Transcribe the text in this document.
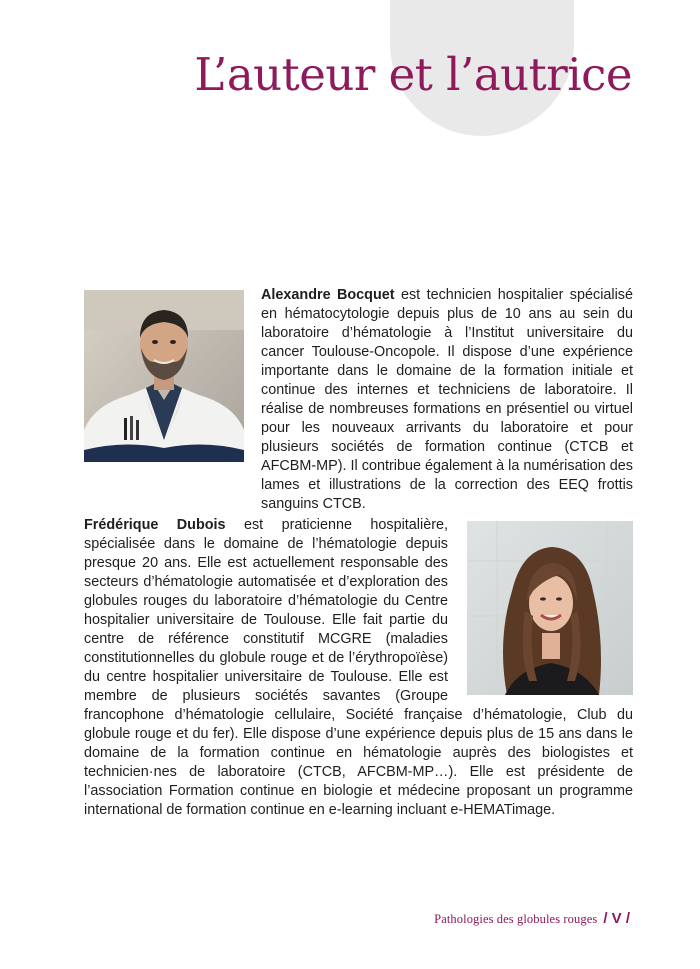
L’auteur et l’autrice

Alexandre Bocquet est technicien hospitalier spécialisé en hématocytologie depuis plus de 10 ans au sein du laboratoire d’hématologie à l’Institut universitaire du cancer Toulouse-Oncopole. Il dispose d’une expérience importante dans le domaine de la formation initiale et continue des internes et techniciens de laboratoire. Il réalise de nombreuses formations en présentiel ou virtuel pour les nouveaux arrivants du laboratoire et pour plusieurs sociétés de formation continue (CTCB et AFCBM-MP). Il contribue également à la numérisation des lames et illustrations de la correction des EEQ frottis sanguins CTCB.

Frédérique Dubois est praticienne hospitalière, spécialisée dans le domaine de l’hématologie depuis presque 20 ans. Elle est actuellement responsable des secteurs d’hématologie automatisée et d’exploration des globules rouges du laboratoire d’hématologie du Centre hospitalier universitaire de Toulouse. Elle fait partie du centre de référence constitutif MCGRE (maladies constitutionnelles du globule rouge et de l’érythropoïèse) du centre hospitalier universitaire de Toulouse. Elle est membre de plusieurs sociétés savantes (Groupe francophone d’hématologie cellulaire, Société française d’hématologie, Club du globule rouge et du fer). Elle dispose d’une expérience depuis plus de 15 ans dans le domaine de la formation continue en hématologie auprès des biologistes et technicien·nes de laboratoire (CTCB, AFCBM-MP…). Elle est présidente de l’association Formation continue en biologie et médecine proposant un programme international de formation continue en e-learning incluant e-HEMATimage.
Pathologies des globules rouges / V /
